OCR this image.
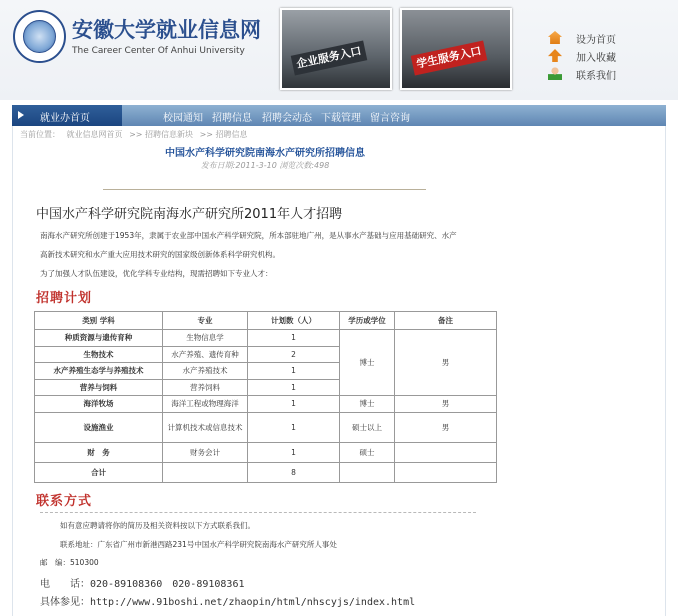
安徽大学就业信息网
The Career Center Of Anhui University	企业服务入口	学生服务入口
设为首页
加入收藏
联系我们
就业办首页	校园通知 招聘信息 招聘会动态 下载管理 留言咨询
当前位置： 就业信息网首页 >> 招聘信息新块 >> 招聘信息
中国水产科学研究院南海水产研究所招聘信息
发布日期:2011-3-10 浏览次数:498
中国水产科学研究院南海水产研究所2011年人才招聘
南海水产研究所创建于1953年，隶属于农业部中国水产科学研究院，所本部驻地广州，是从事水产基础与应用基础研究、水产
高新技术研究和水产重大应用技术研究的国家级创新体系科学研究机构。
为了加强人才队伍建设，优化学科专业结构，现需招聘如下专业人才：
招聘计划
类别 学科	专业	计划数（人）	学历或学位	备注
种质资源与遗传育种	生物信息学	1	博士	男
生物技术	水产养殖、遗传育种	2		
水产养殖生态学与养殖技术	水产养殖技术	1		
营养与饲料	营养饲料	1		
海洋牧场	海洋工程或物理海洋	1	博士	男
设施渔业	计算机技术或信息技术	1	硕士以上	男
财　务	财务会计	1	硕士	
合计		8		
联系方式
如有意应聘请将你的简历及相关资料按以下方式联系我们。
联系地址：广东省广州市新港西路231号中国水产科学研究院南海水产研究所人事处
邮　编：510300
电　　话：020-89108360　020-89108361
具体参见：http://www.91boshi.net/zhaopin/html/nhscyjs/index.html
